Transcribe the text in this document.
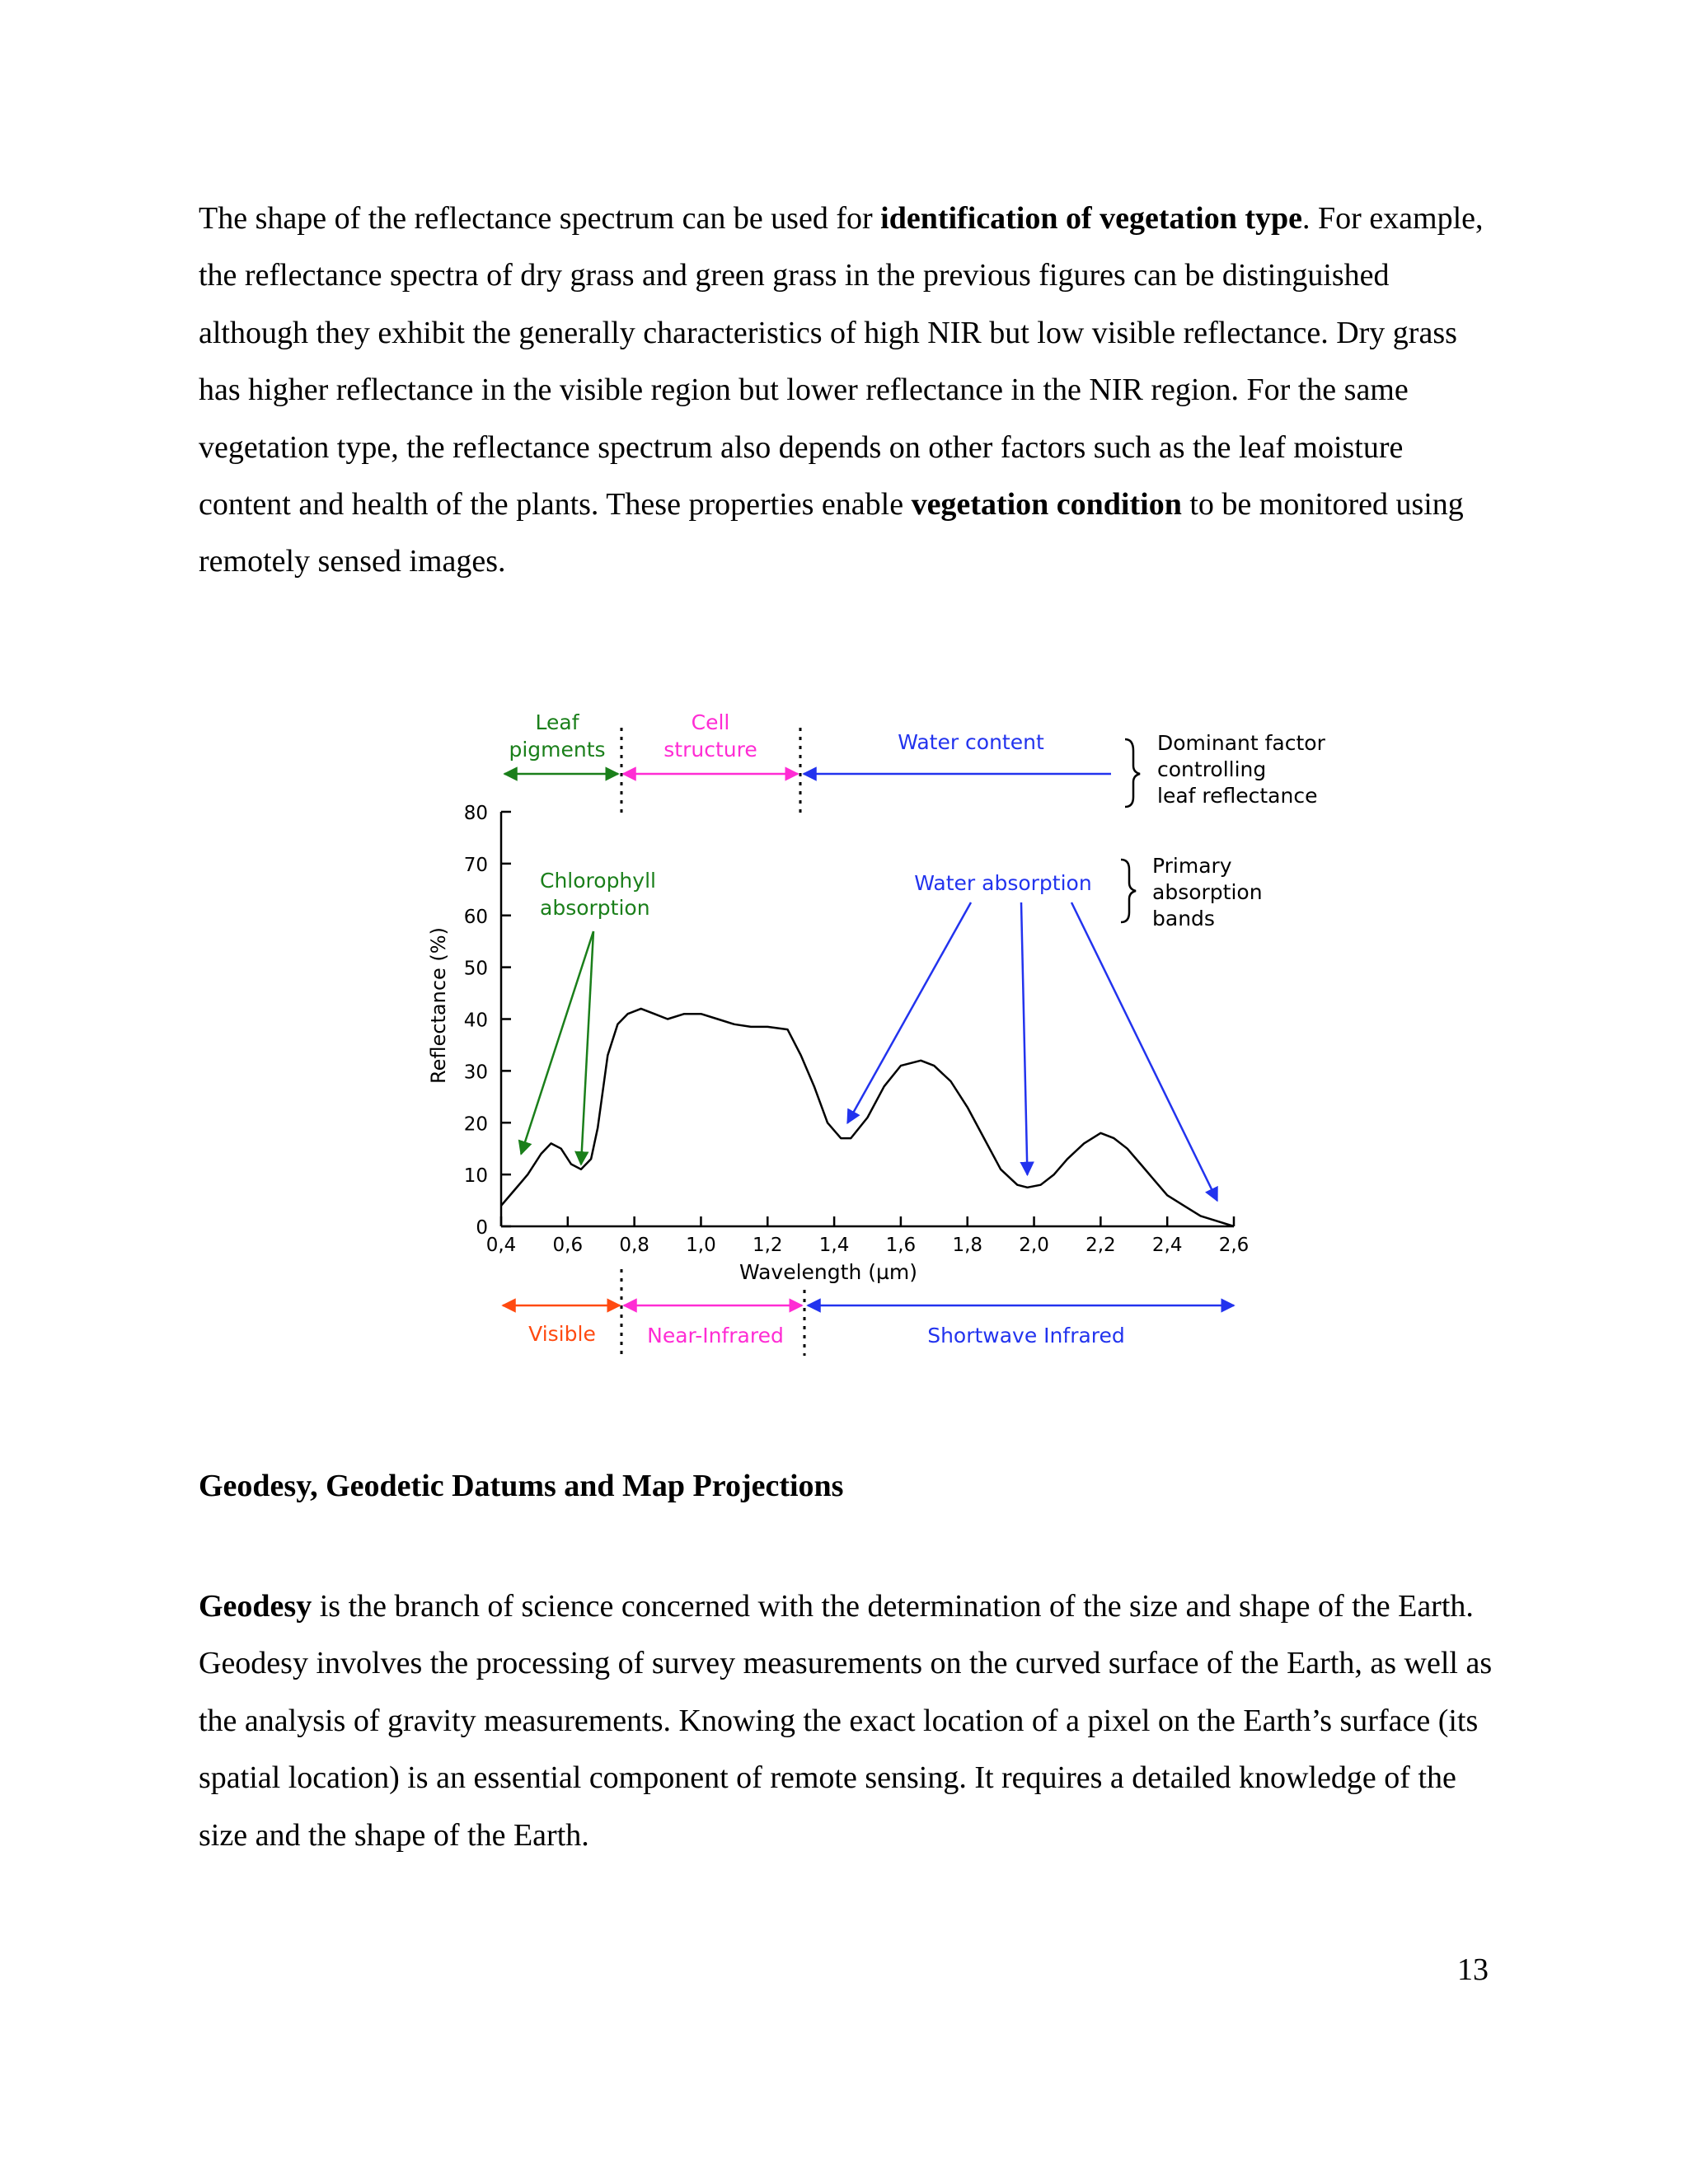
The shape of the reflectance spectrum can be used for identification of vegetation type. For example, the reflectance spectra of dry grass and green grass in the previous figures can be distinguished although they exhibit the generally characteristics of high NIR but low visible reflectance. Dry grass has higher reflectance in the visible region but lower reflectance in the NIR region. For the same vegetation type, the reflectance spectrum also depends on other factors such as the leaf moisture content and health of the plants. These properties enable vegetation condition to be monitored using remotely sensed images.

Leaf
pigments
Cell
structure	Water content	Dominant factor
controlling
leaf reflectance
Primary
absorption
bands
0
10
20
30
40
50
60
70
80
0,4 0,6 0,8 1,0 1,2 1,4 1,6 1,8 2,0 2,2 2,4 2,6
Reflectance (%)
Wavelength (µm)
Chlorophyll
absorption
Water absorption
Visible Near-Infrared	Shortwave Infrared
Geodesy, Geodetic Datums and Map Projections

Geodesy is the branch of science concerned with the determination of the size and shape of the Earth. Geodesy involves the processing of survey measurements on the curved surface of the Earth, as well as the analysis of gravity measurements. Knowing the exact location of a pixel on the Earth’s surface (its spatial location) is an essential component of remote sensing. It requires a detailed knowledge of the size and the shape of the Earth.

13
